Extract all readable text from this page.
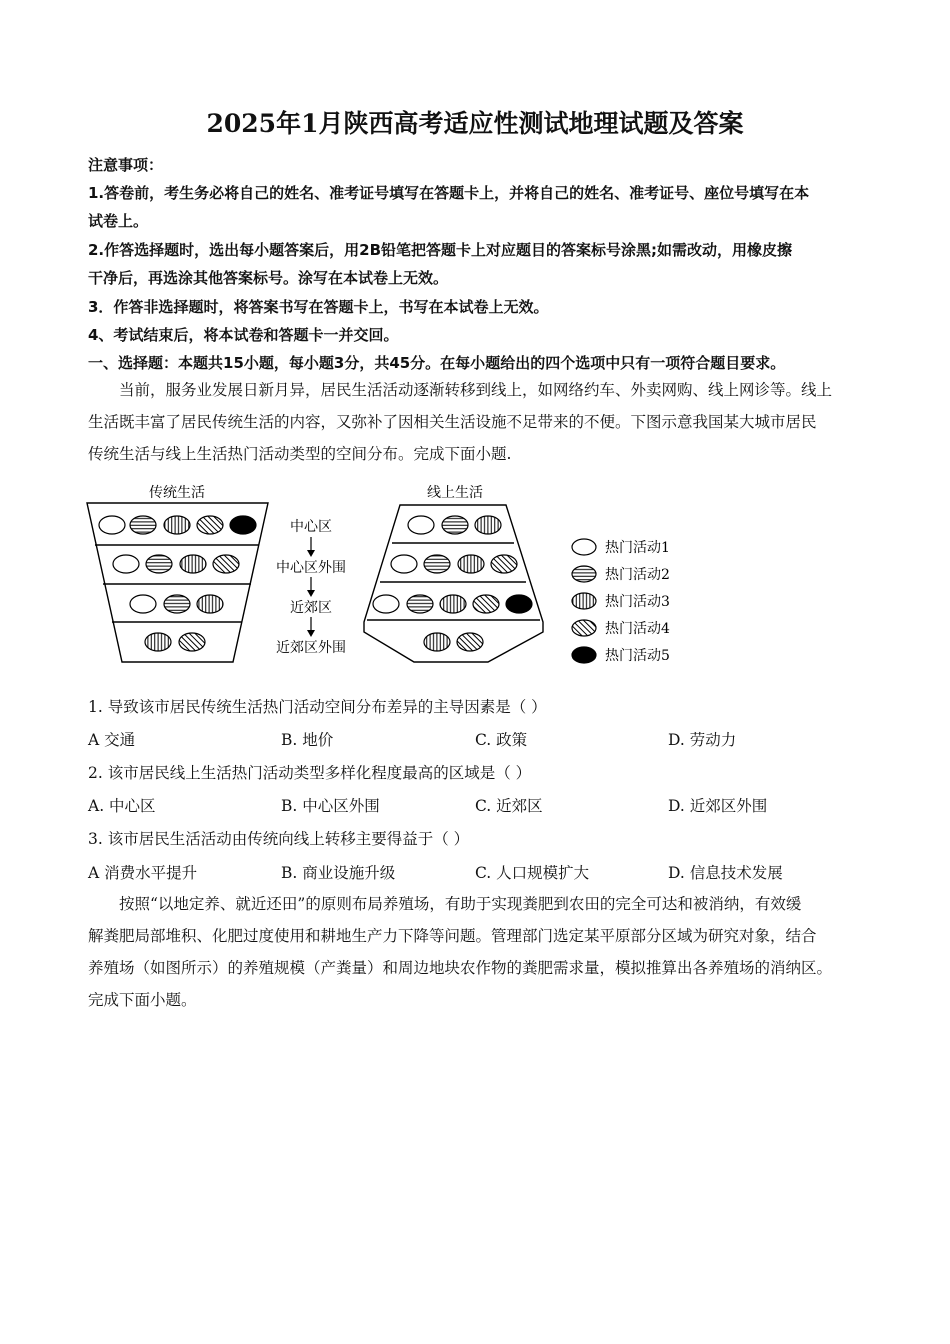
2025年1月陕西高考适应性测试地理试题及答案
注意事项：
1.答卷前，考生务必将自己的姓名、准考证号填写在答题卡上，并将自己的姓名、准考证号、座位号填写在本
试卷上。
2.作答选择题时，选出每小题答案后，用2B铅笔把答题卡上对应题目的答案标号涂黑;如需改动，用橡皮擦
干净后，再选涂其他答案标号。涂写在本试卷上无效。
3．作答非选择题时，将答案书写在答题卡上，书写在本试卷上无效。
4、考试结束后，将本试卷和答题卡一并交回。
一、选择题：本题共15小题，每小题3分，共45分。在每小题给出的四个选项中只有一项符合题目要求。
当前，服务业发展日新月异，居民生活活动逐渐转移到线上，如网络约车、外卖网购、线上网诊等。线上
生活既丰富了居民传统生活的内容，又弥补了因相关生活设施不足带来的不便。下图示意我国某大城市居民
传统生活与线上生活热门活动类型的空间分布。完成下面小题.
传统生活	线上生活
中心区
中心区外围
近郊区
近郊区外围
热门活动1
热门活动2
热门活动3
热门活动4
热门活动5
1. 导致该市居民传统生活热门活动空间分布差异的主导因素是（ ）
A 交通	B. 地价	C. 政策	D. 劳动力
2. 该市居民线上生活热门活动类型多样化程度最高的区域是（ ）
A. 中心区	B. 中心区外围	C. 近郊区	D. 近郊区外围
3. 该市居民生活活动由传统向线上转移主要得益于（ ）
A 消费水平提升	B. 商业设施升级	C. 人口规模扩大	D. 信息技术发展
按照“以地定养、就近还田”的原则布局养殖场，有助于实现粪肥到农田的完全可达和被消纳，有效缓
解粪肥局部堆积、化肥过度使用和耕地生产力下降等问题。管理部门选定某平原部分区域为研究对象，结合
养殖场（如图所示）的养殖规模（产粪量）和周边地块农作物的粪肥需求量，模拟推算出各养殖场的消纳区。
完成下面小题。
